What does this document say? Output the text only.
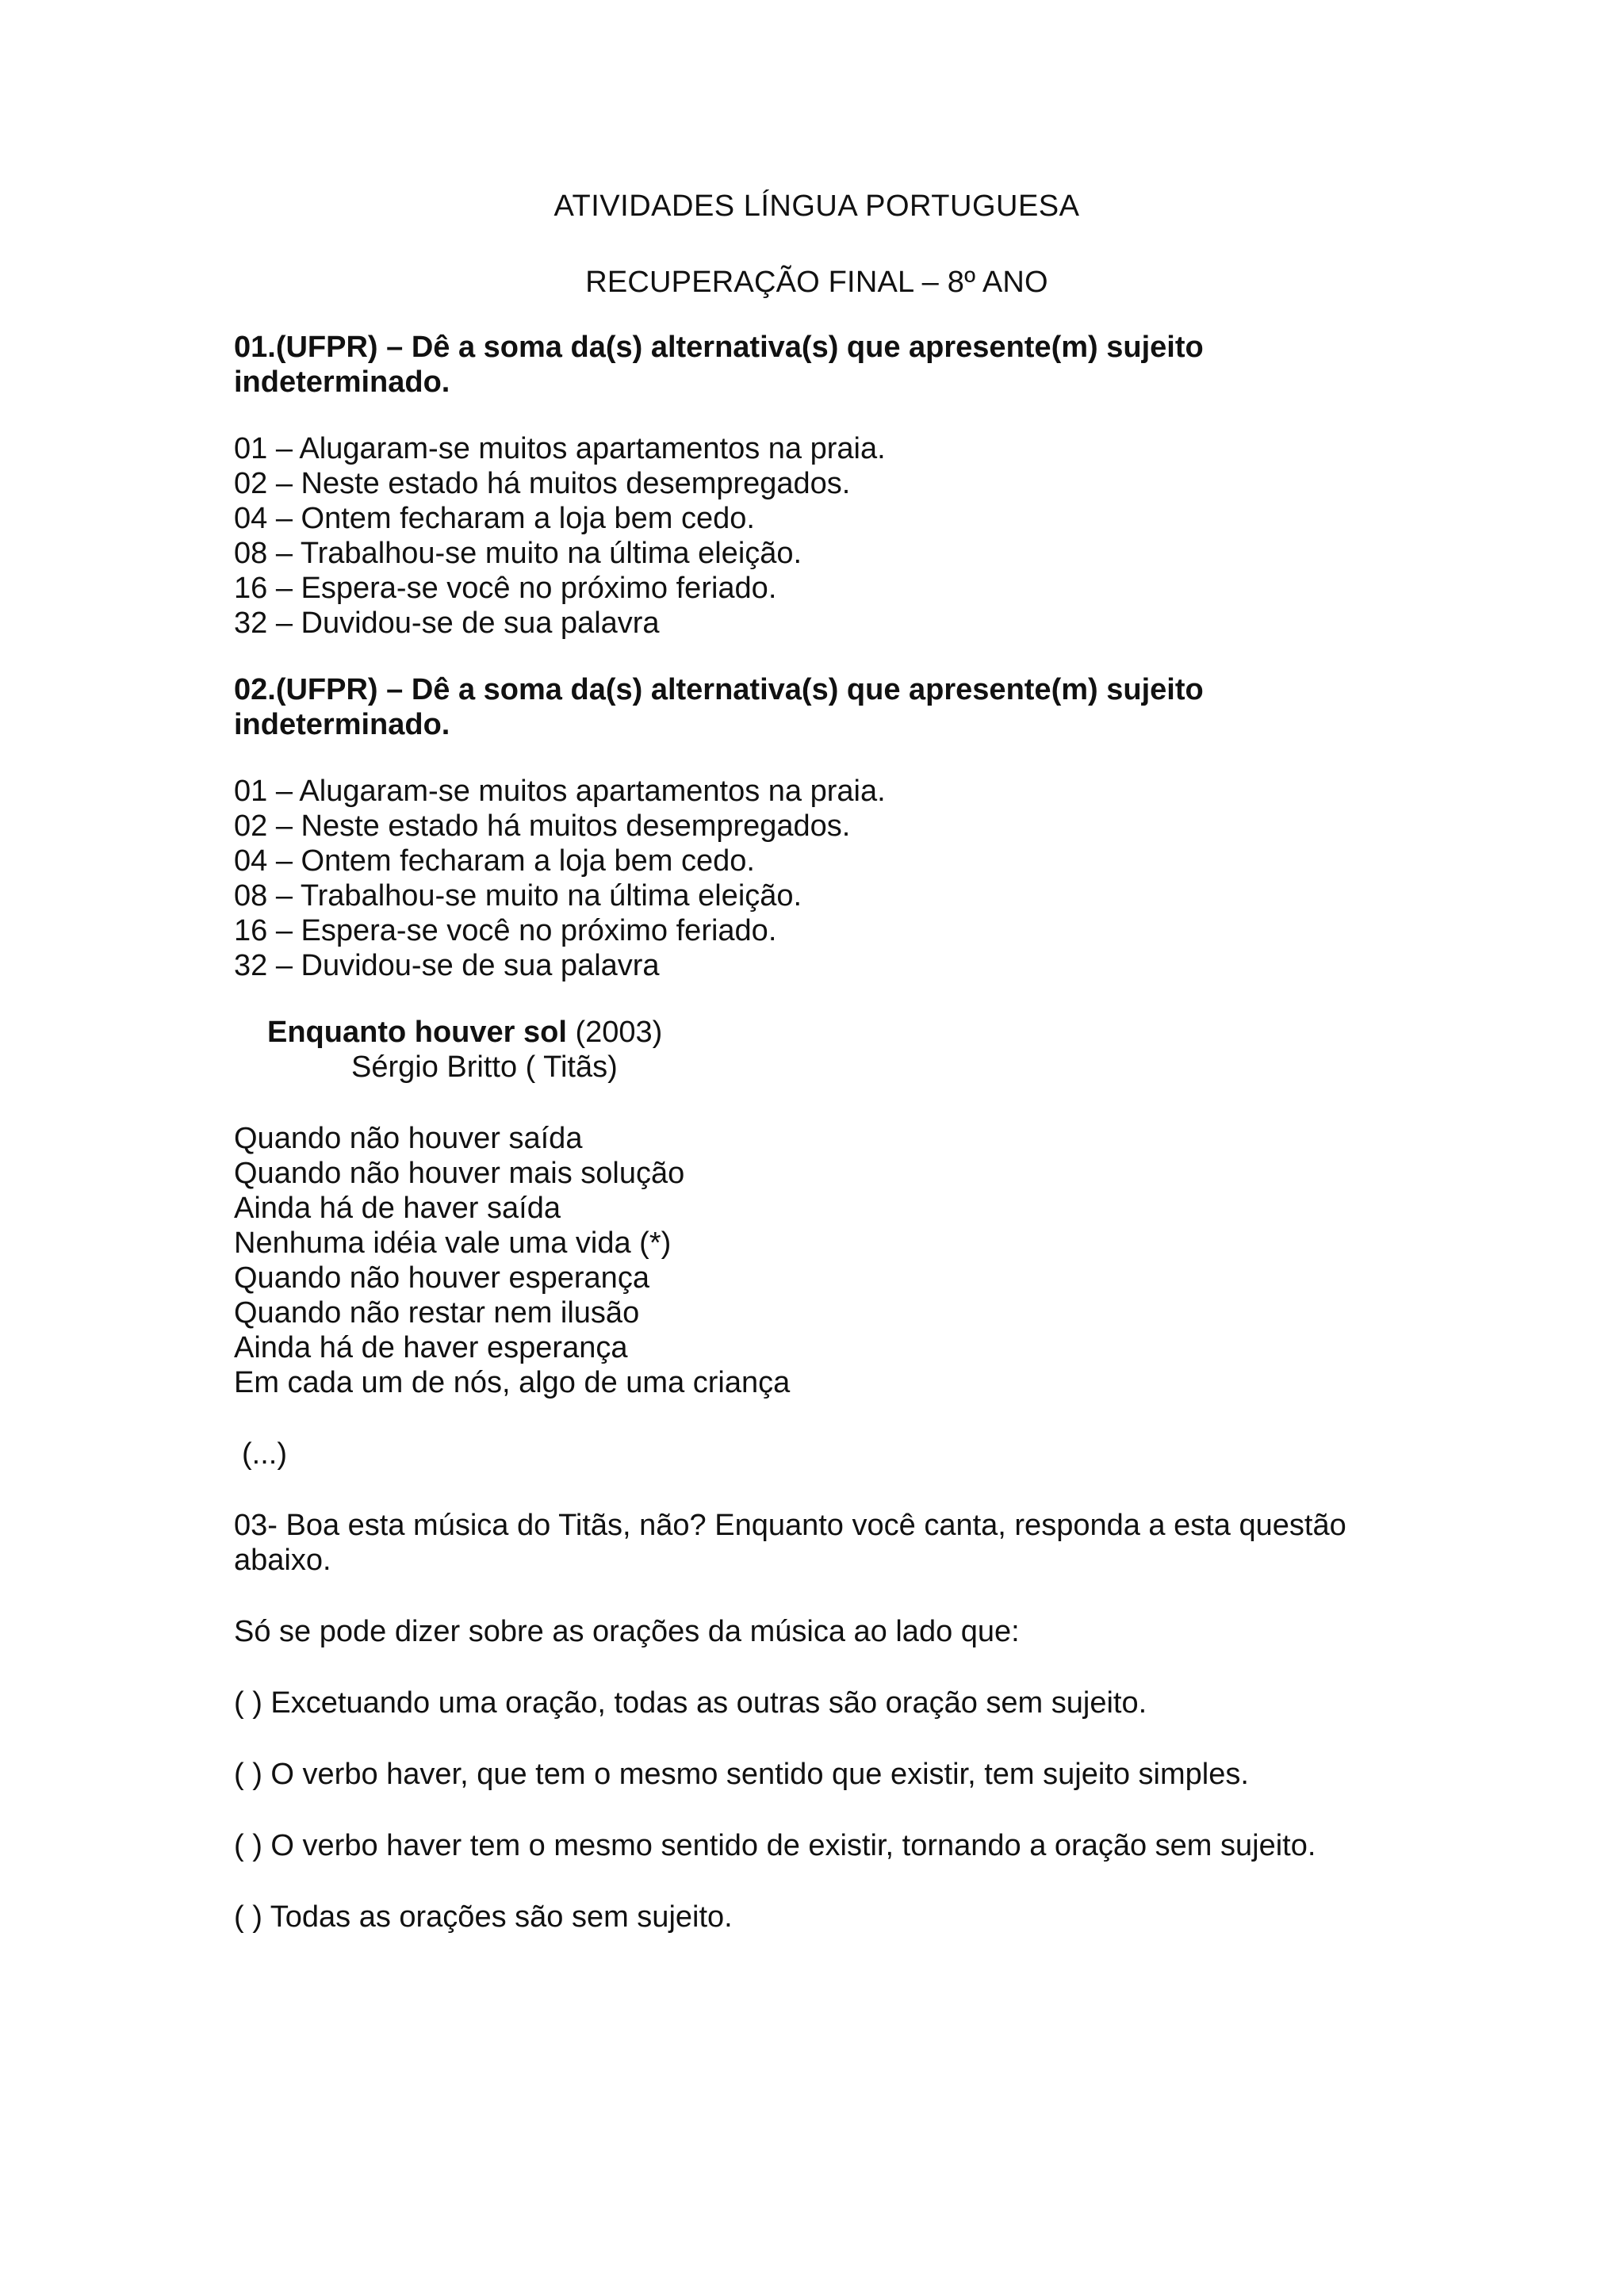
ATIVIDADES LÍNGUA PORTUGUESA
RECUPERAÇÃO FINAL – 8º ANO
01.(UFPR) – Dê a soma da(s) alternativa(s) que apresente(m) sujeito
indeterminado.
01 – Alugaram-se muitos apartamentos na praia.
02 – Neste estado há muitos desempregados.
04 – Ontem fecharam a loja bem cedo.
08 – Trabalhou-se muito na última eleição.
16 – Espera-se você no próximo feriado.
32 – Duvidou-se de sua palavra
02.(UFPR) – Dê a soma da(s) alternativa(s) que apresente(m) sujeito
indeterminado.
01 – Alugaram-se muitos apartamentos na praia.
02 – Neste estado há muitos desempregados.
04 – Ontem fecharam a loja bem cedo.
08 – Trabalhou-se muito na última eleição.
16 – Espera-se você no próximo feriado.
32 – Duvidou-se de sua palavra
Enquanto houver sol (2003)
Sérgio Britto ( Titãs)
Quando não houver saída
Quando não houver mais solução
Ainda há de haver saída
Nenhuma idéia vale uma vida (*)
Quando não houver esperança
Quando não restar nem ilusão
Ainda há de haver esperança
Em cada um de nós, algo de uma criança
(...)
03- Boa esta música do Titãs, não? Enquanto você canta, responda a esta questão
abaixo.
Só se pode dizer sobre as orações da música ao lado que:
( ) Excetuando uma oração, todas as outras são oração sem sujeito.
( ) O verbo haver, que tem o mesmo sentido que existir, tem sujeito simples.
( ) O verbo haver tem o mesmo sentido de existir, tornando a oração sem sujeito.
( ) Todas as orações são sem sujeito.
